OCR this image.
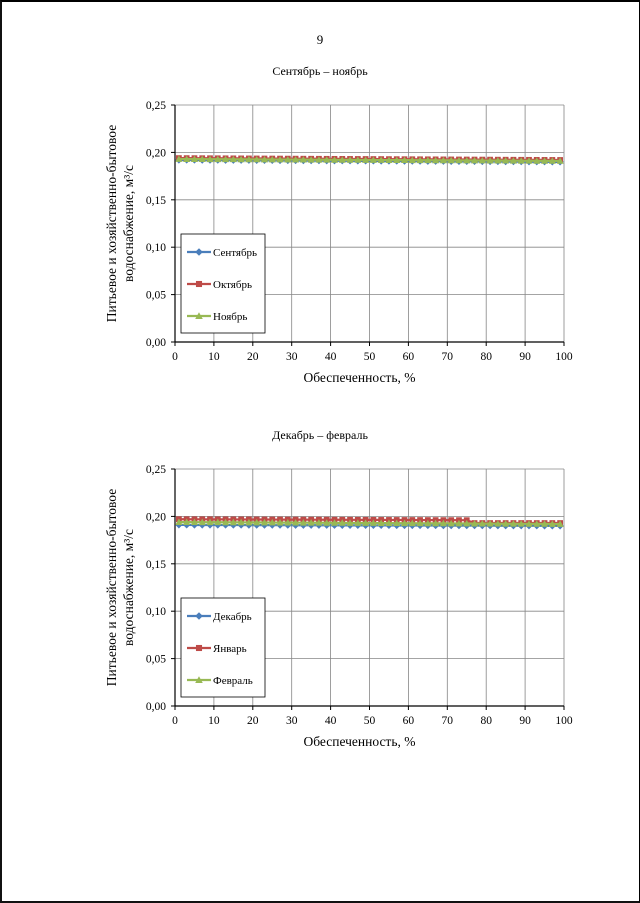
9
Сентябрь – ноябрь
0	10 20 30 40 50 60 70 80 90 100
0,00
0,05
0,10
0,15
0,20
0,25
Обеспеченность, %
Питьевое и хозяйственно-бытовое водоснабжение, м³/с	Сентябрь
Октябрь
Ноябрь
Декабрь – февраль
0	10 20 30 40 50 60 70 80 90 100
0,00
0,05
0,10
0,15
0,20
0,25
Обеспеченность, %
Питьевое и хозяйственно-бытовое водоснабжение, м³/с	Декабрь
Январь
Февраль
